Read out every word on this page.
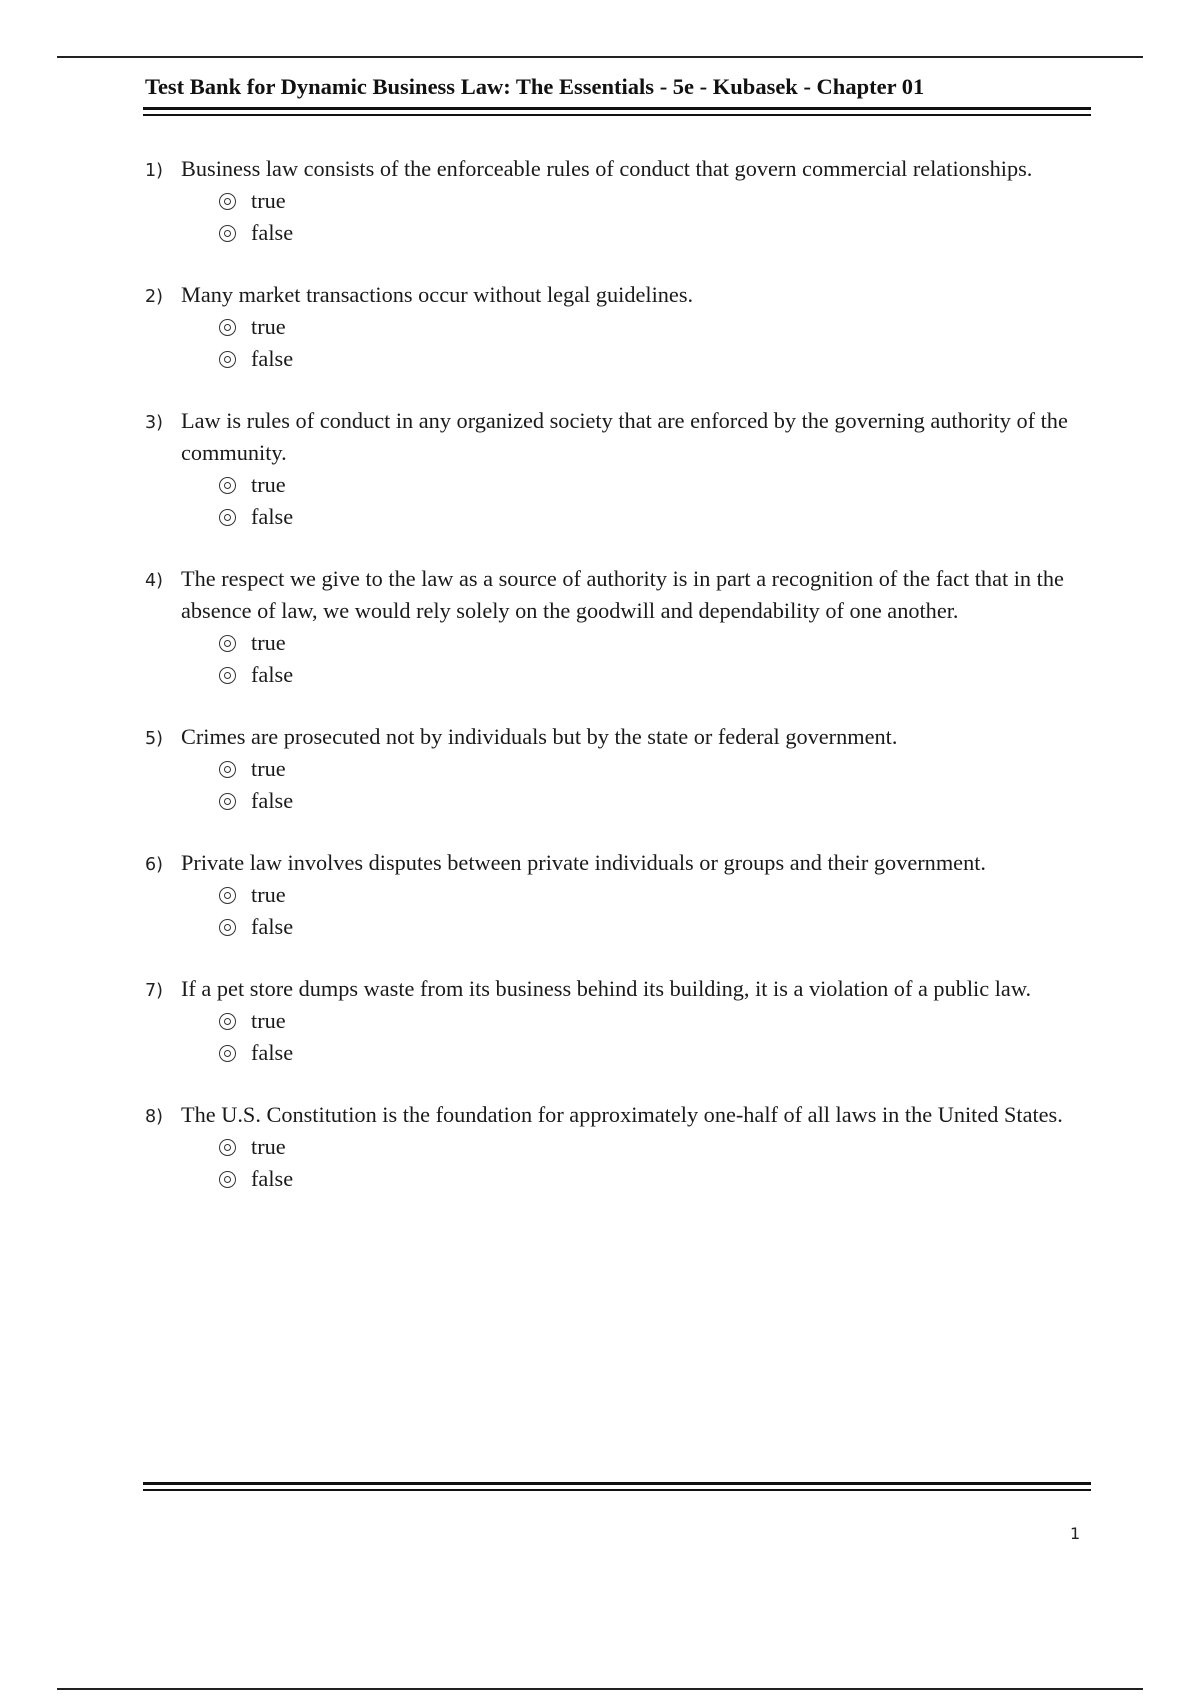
Test Bank for Dynamic Business Law: The Essentials - 5e - Kubasek - Chapter 01
1) Business law consists of the enforceable rules of conduct that govern commercial relationships.
true
false
2) Many market transactions occur without legal guidelines.
true
false
3) Law is rules of conduct in any organized society that are enforced by the governing authority of the community.
true
false
4) The respect we give to the law as a source of authority is in part a recognition of the fact that in the absence of law, we would rely solely on the goodwill and dependability of one another.
true
false
5) Crimes are prosecuted not by individuals but by the state or federal government.
true
false
6) Private law involves disputes between private individuals or groups and their government.
true
false
7) If a pet store dumps waste from its business behind its building, it is a violation of a public law.
true
false
8) The U.S. Constitution is the foundation for approximately one-half of all laws in the United States.
true
false
1
